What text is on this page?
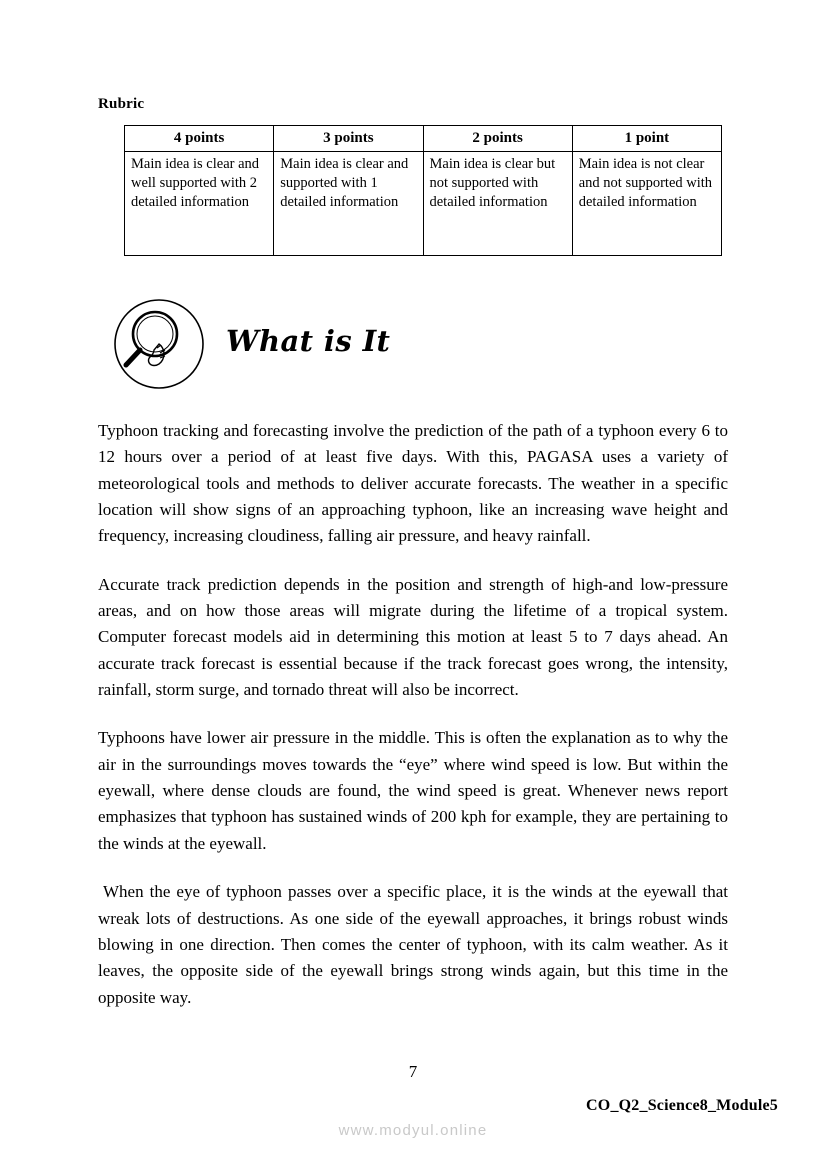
Rubric
4 points	3 points	2 points	1 point
Main idea is clear and well supported with 2 detailed information	Main idea is clear and supported with 1 detailed information	Main idea is clear but not supported with detailed information	Main idea is not clear and not supported with detailed information
What is It

Typhoon tracking and forecasting involve the prediction of the path of a typhoon every 6 to 12 hours over a period of at least five days. With this, PAGASA uses a variety of meteorological tools and methods to deliver accurate forecasts. The weather in a specific location will show signs of an approaching typhoon, like an increasing wave height and frequency, increasing cloudiness, falling air pressure, and heavy rainfall.

Accurate track prediction depends in the position and strength of high-and low-pressure areas, and on how those areas will migrate during the lifetime of a tropical system. Computer forecast models aid in determining this motion at least 5 to 7 days ahead. An accurate track forecast is essential because if the track forecast goes wrong, the intensity, rainfall, storm surge, and tornado threat will also be incorrect.

Typhoons have lower air pressure in the middle. This is often the explanation as to why the air in the surroundings moves towards the “eye” where wind speed is low. But within the eyewall, where dense clouds are found, the wind speed is great. Whenever news report emphasizes that typhoon has sustained winds of 200 kph for example, they are pertaining to the winds at the eyewall.

When the eye of typhoon passes over a specific place, it is the winds at the eyewall that wreak lots of destructions. As one side of the eyewall approaches, it brings robust winds blowing in one direction. Then comes the center of typhoon, with its calm weather. As it leaves, the opposite side of the eyewall brings strong winds again, but this time in the opposite way.

7
CO_Q2_Science8_Module5
www.modyul.online
